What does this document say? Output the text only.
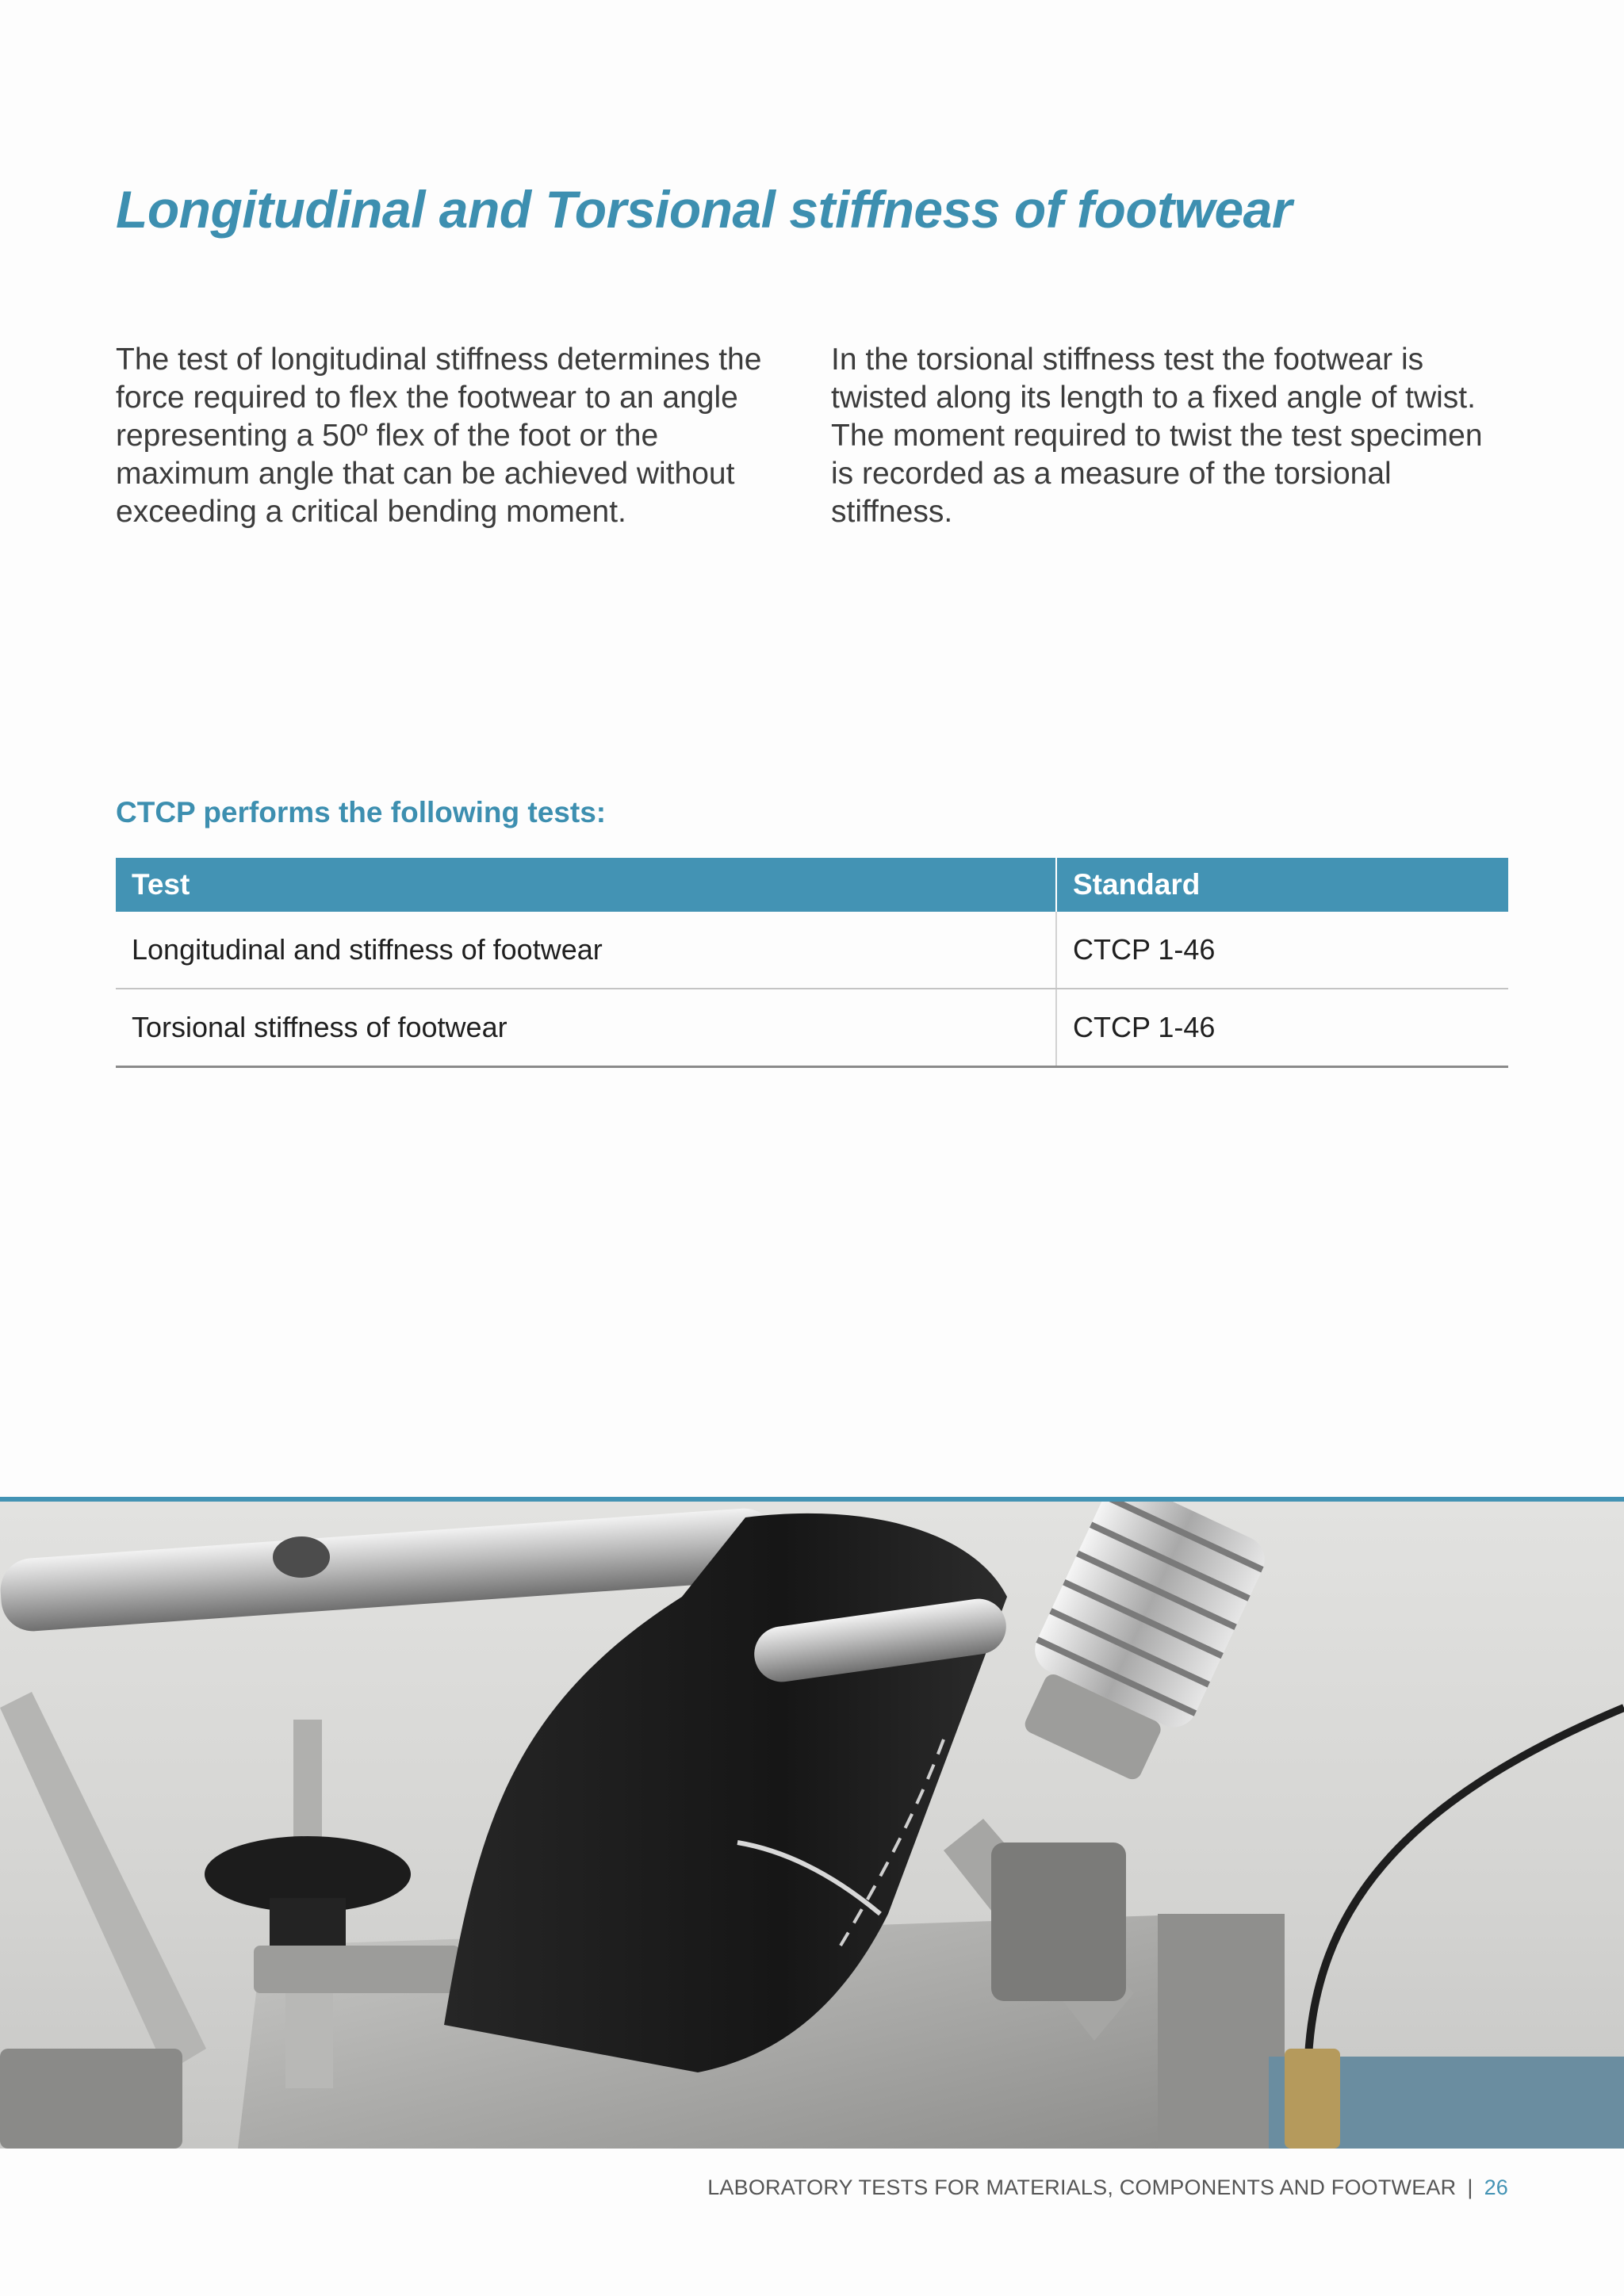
Longitudinal and Torsional stiffness of footwear

The test of longitudinal stiffness determines the force required to flex the footwear to an angle representing a 50º flex of the foot or the maximum angle that can be achieved without exceeding a critical bending moment.

In the torsional stiffness test the footwear is twisted along its length to a fixed angle of twist. The moment required to twist the test specimen is recorded as a measure of the torsional stiffness.

CTCP performs the following tests:
Test	Standard
Longitudinal and stiffness of footwear	CTCP 1-46
Torsional stiffness of footwear	CTCP 1-46

LABORATORY TESTS FOR MATERIALS, COMPONENTS AND FOOTWEAR | 26
